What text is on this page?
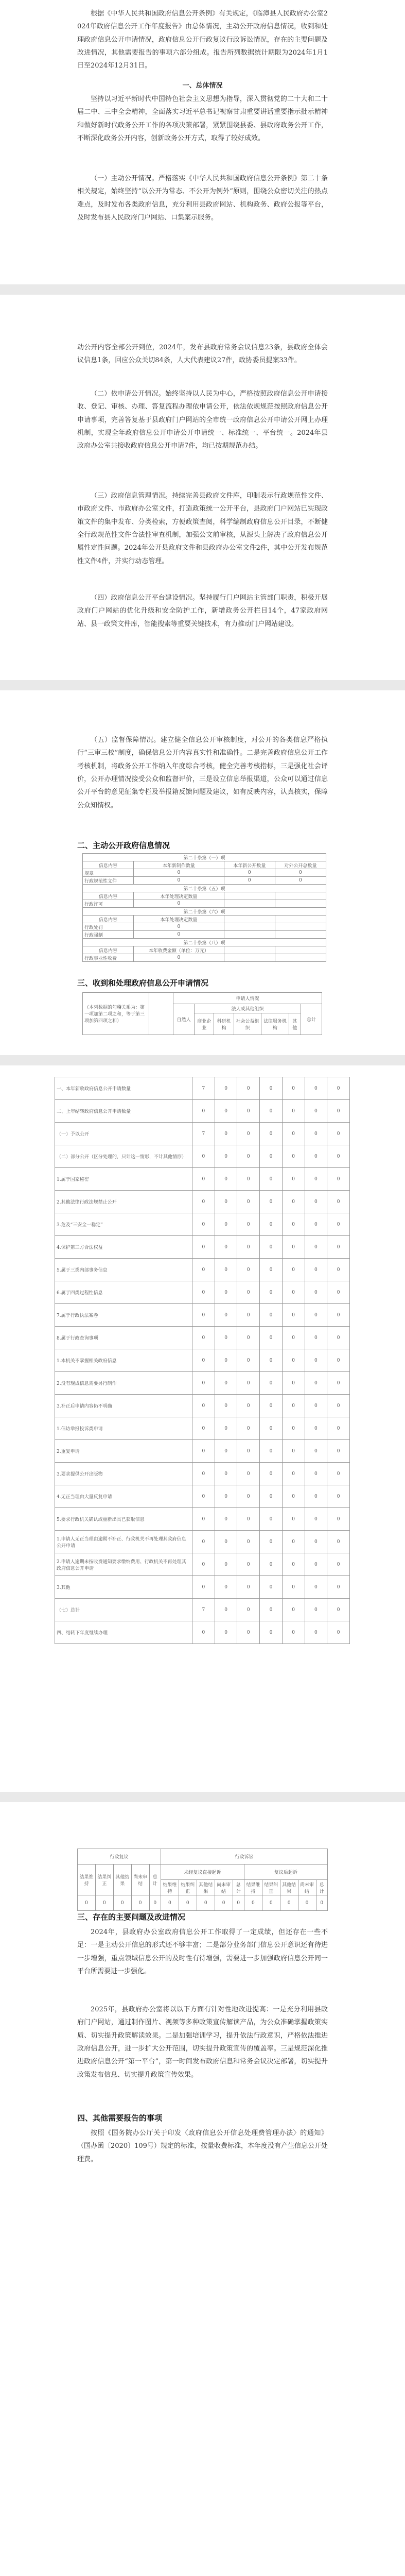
根据《中华人民共和国政府信息公开条例》有关规定，《临漳县人民政府办公室2024年政府信息公开工作年度报告》由总体情况，主动公开政府信息情况，收到和处理政府信息公开申请情况，政府信息公开行政复议行政诉讼情况，存在的主要问题及改进情况，其他需要报告的事项六部分组成。报告所列数据统计期限为2024年1月1日至2024年12月31日。
一、总体情况
坚持以习近平新时代中国特色社会主义思想为指导，深入贯彻党的二十大和二十届二中、三中全会精神，全面落实习近平总书记视察甘肃重要讲话重要指示批示精神和做好新时代政务公开工作的各项决策部署，紧紧围绕县委、县政府政务公开工作，不断深化政务公开内容，创新政务公开方式，取得了较好成效。
（一）主动公开情况。严格落实《中华人民共和国政府信息公开条例》第二十条相关规定，始终坚持“以公开为常态、不公开为例外”原则，围绕公众密切关注的热点难点，及时发布各类政府信息，充分利用县政府网站、机构政务、政府公报等平台，及时发布县人民政府门户网站、口集案示服务。
动公开内容全部公开到位，2024年，发布县政府常务会议信息23条，县政府全体会议信息1条，回应公众关切84条，人大代表建议27件，政协委员提案33件。
（二）依申请公开情况。始终坚持以人民为中心，严格按照政府信息公开申请接收、登记、审核、办理、答复流程办理依申请公开，依法依规规范按照政府信息公开申请事项，完善答复基于县政府门户网站的全市统一政府信息公开申请公开网上办理机制，实现全年政府信息公开申请公开申请统一、标准统一、平台统一。2024年县政府办公室共接收政府信息公开申请7件，均已按期规范办结。
（三）政府信息管理情况。持续完善县政府文件库，印制表示行政规范性文件、市政府文件、市政府办公室文件，打造政策统一公开平台，县政府门户网站已实现政策文件的集中发布、分类检索，方便政策查阅，科学编制政府信息公开目录，不断健全行政规范性文件合法性审查机制，加强公文前审核，从源头上解决了政府信息公开属性定性问题。2024年公开县政府文件和县政府办公室文件2件，其中公开发布规范性文件4件，并实行动态管理。
（四）政府信息公开平台建设情况。坚持履行门户网站主管部门职责，积极开展政府门户网站的优化升级和安全防护工作，新增政务公开栏目14个，47家政府网站、县一政策文件库，智能搜索等重要关键技术，有力推动门户网站建设。
（五）监督保障情况。建立健全信息公开审核制度，对公开的各类信息严格执行“三审三校”制度，确保信息公开内容真实性和准确性。二是完善政府信息公开工作考核机制，将政务公开工作纳入年度综合考核，健全完善考核指标，三是强化社会评价，公开办理情况接受公众和监督评价，三是设立信息举报渠道，公众可以通过信息公开平台的意见征集专栏及举报箱反馈问题及建议，如有反映内容，认真核实，保障公众知情权。
二、主动公开政府信息情况
第二十条第（一）项			
信息内容	本年新制作数量	本年新公开数量	对外公开总数量
规章	0	0	0
行政规范性文件	0	0	0
第二十条第（五）项			
信息内容	本年处理决定数量		
行政许可	0		
第二十条第（六）项			
信息内容	本年处理决定数量		
行政处罚	0		
行政强制	0		
第二十条第（八）项			
信息内容	本年收费金额（单位：万元）		
行政事业性收费	0		
三、收到和处理政府信息公开申请情况
（本列数据的勾稽关系为：第一项加第二项之和，等于第三项加第四项之和）		申请人情况						
		自然人	法人或其他组织					总计
			商业企业	科研机构	社会公益组织	法律服务机构	其他	
一、本年新收政府信息公开申请数量	7	0	0	0	0	0	0
二、上年结转政府信息公开申请数量	0	0	0	0	0	0	0
（一）予以公开	7	0	0	0	0	0	0
（二）部分公开（区分处理的，只计这一情形，不计其他情形）	0	0	0	0	0	0	0
1.属于国家秘密	0	0	0	0	0	0	0
2.其他法律行政法规禁止公开	0	0	0	0	0	0	0
3.危及“三安全一稳定”	0	0	0	0	0	0	0
4.保护第三方合法权益	0	0	0	0	0	0	0
5.属于三类内部事务信息	0	0	0	0	0	0	0
6.属于四类过程性信息	0	0	0	0	0	0	0
7.属于行政执法案卷	0	0	0	0	0	0	0
8.属于行政查询事项	0	0	0	0	0	0	0
1.本机关不掌握相关政府信息	0	0	0	0	0	0	0
2.没有现成信息需要另行制作	0	0	0	0	0	0	0
3.补正后申请内容仍不明确	0	0	0	0	0	0	0
1.信访举报投诉类申请	0	0	0	0	0	0	0
2.重复申请	0	0	0	0	0	0	0
3.要求提供公开出版物	0	0	0	0	0	0	0
4.无正当理由大量反复申请	0	0	0	0	0	0	0
5.要求行政机关确认或重新出具已获取信息	0	0	0	0	0	0	0
1.申请人无正当理由逾期不补正、行政机关不再处理其政府信息公开申请	0	0	0	0	0	0	0
2.申请人逾期未按收费通知要求缴纳费用、行政机关不再处理其政府信息公开申请	0	0	0	0	0	0	0
3.其他	0	0	0	0	0	0	0
（七）总计	7	0	0	0	0	0	0
四、结转下年度继续办理	0	0	0	0	0	0	0
行政复议					行政诉讼									
结果维持	结果纠正	其他结果	尚未审结	总计	未经复议直接起诉					复议后起诉				
					结果维持	结果纠正	其他结果	尚未审结	总计	结果维持	结果纠正	其他结果	尚未审结	总计
0	0	0	0	0	0	0	0	0	0	0	0	0	0	0
三、存在的主要问题及改进情况
2024年，县政府办公室政府信息公开工作取得了一定成绩，但还存在一些不足：一是主动公开信息的形式还不够丰富；二是部分业务部门信息公开意识还有待进一步增强，重点领域信息公开的及时性有待增强，需要进一步加强政府信息公开同一平台所需要进一步强化。
2025年，县政府办公室将以以下方面有针对性地改进提高：一是充分利用县政府门户网站，通过制作图片、视频等多种政策宣传解读产品，为公众准确掌握政策实质、切实提升政策解读效果。二是加强培训学习，提升依法行政意识，严格依法推进政府信息公开，进一步扩大公开范围，切实提升政策宣传的覆盖率。三是规范深化推进政府信息公开“第一平台”，第一时间发布政府信息和常务会议决定部署，切实提升政策发布信息、切实提升政策宣传效果。
四、其他需要报告的事项
按照《国务院办公厅关于印发〈政府信息公开信息处理费管理办法〉的通知》（国办函〔2020〕109号）规定的标准，按量收费标准，本年度没有产生信息公开处理费。
